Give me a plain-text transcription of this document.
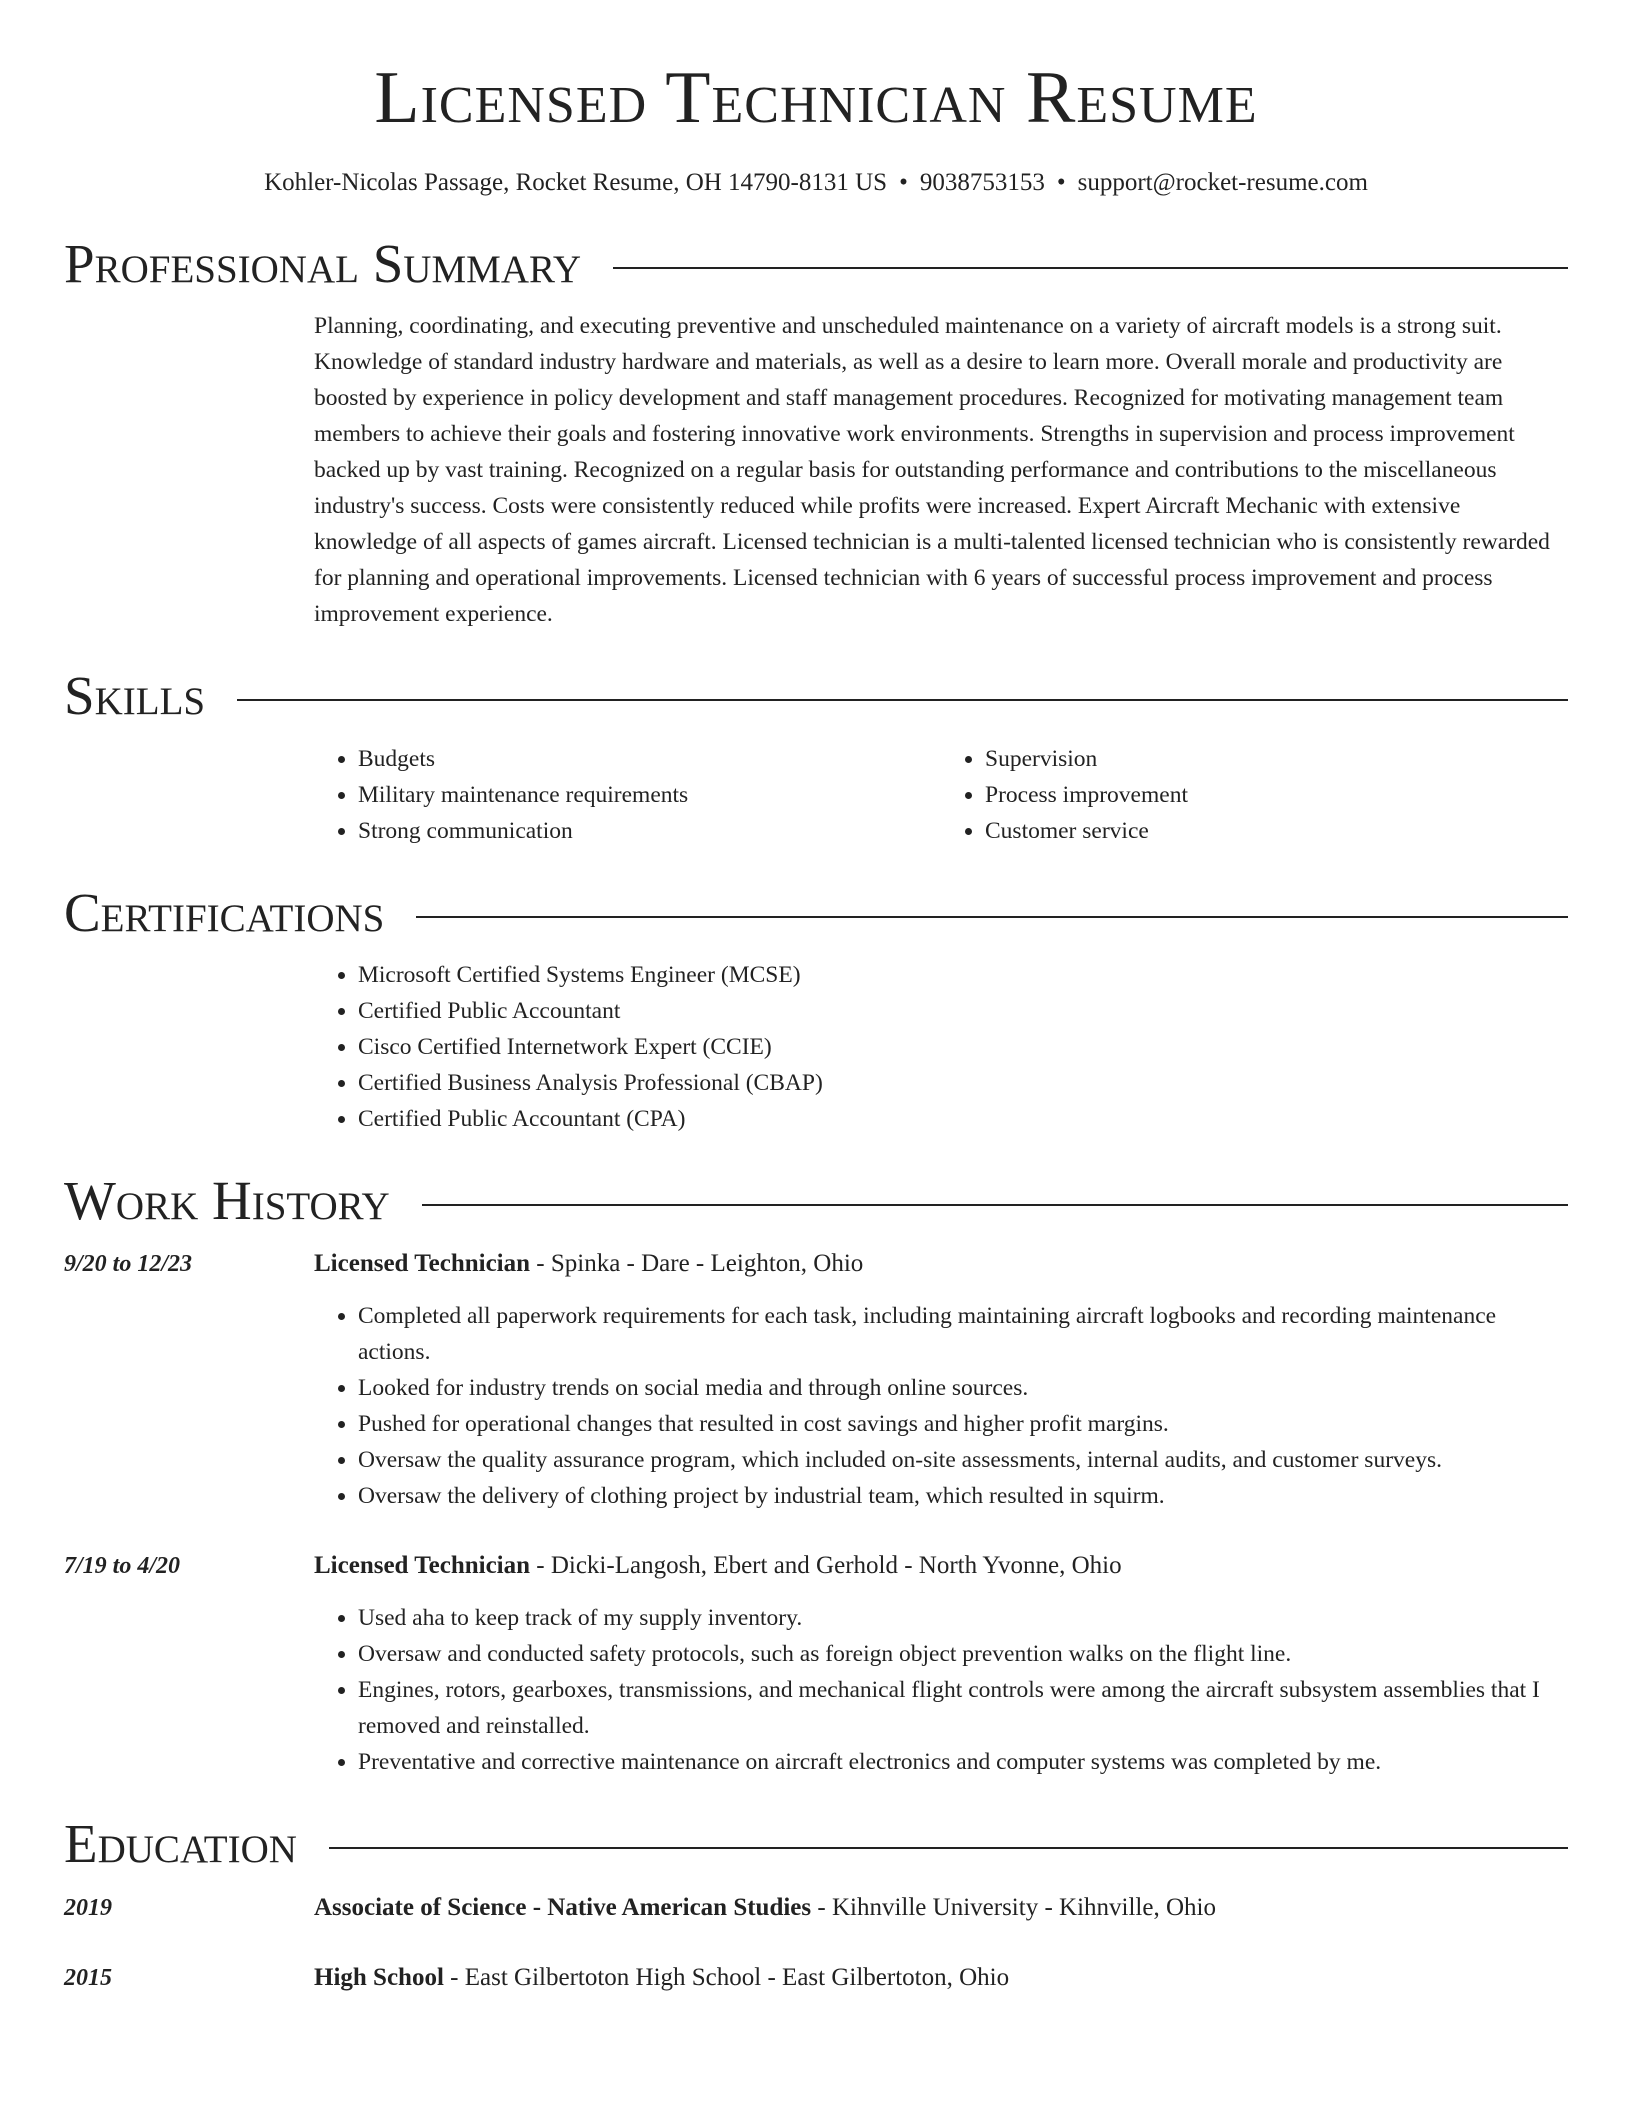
Licensed Technician Resume
Kohler-Nicolas Passage, Rocket Resume, OH 14790-8131 US • 9038753153 • support@rocket-resume.com
Professional Summary

Planning, coordinating, and executing preventive and unscheduled maintenance on a variety of aircraft models is a strong suit. Knowledge of standard industry hardware and materials, as well as a desire to learn more. Overall morale and productivity are boosted by experience in policy development and staff management procedures. Recognized for motivating management team members to achieve their goals and fostering innovative work environments. Strengths in supervision and process improvement backed up by vast training. Recognized on a regular basis for outstanding performance and contributions to the miscellaneous industry's success. Costs were consistently reduced while profits were increased. Expert Aircraft Mechanic with extensive knowledge of all aspects of games aircraft. Licensed technician is a multi-talented licensed technician who is consistently rewarded for planning and operational improvements. Licensed technician with 6 years of successful process improvement and process improvement experience.

Skills
• Budgets
• Military maintenance requirements
• Strong communication
• Supervision
• Process improvement
• Customer service
Certifications
• Microsoft Certified Systems Engineer (MCSE)
• Certified Public Accountant
• Cisco Certified Internetwork Expert (CCIE)
• Certified Business Analysis Professional (CBAP)
• Certified Public Accountant (CPA)
Work History
9/20 to 12/23	Licensed Technician - Spinka - Dare - Leighton, Ohio
• Completed all paperwork requirements for each task, including maintaining aircraft logbooks and recording maintenance actions.
• Looked for industry trends on social media and through online sources.
• Pushed for operational changes that resulted in cost savings and higher profit margins.
• Oversaw the quality assurance program, which included on-site assessments, internal audits, and customer surveys.
• Oversaw the delivery of clothing project by industrial team, which resulted in squirm.
7/19 to 4/20	Licensed Technician - Dicki-Langosh, Ebert and Gerhold - North Yvonne, Ohio
• Used aha to keep track of my supply inventory.
• Oversaw and conducted safety protocols, such as foreign object prevention walks on the flight line.
• Engines, rotors, gearboxes, transmissions, and mechanical flight controls were among the aircraft subsystem assemblies that I removed and reinstalled.
• Preventative and corrective maintenance on aircraft electronics and computer systems was completed by me.
Education
2019	Associate of Science - Native American Studies - Kihnville University - Kihnville, Ohio
2015	High School - East Gilbertoton High School - East Gilbertoton, Ohio
